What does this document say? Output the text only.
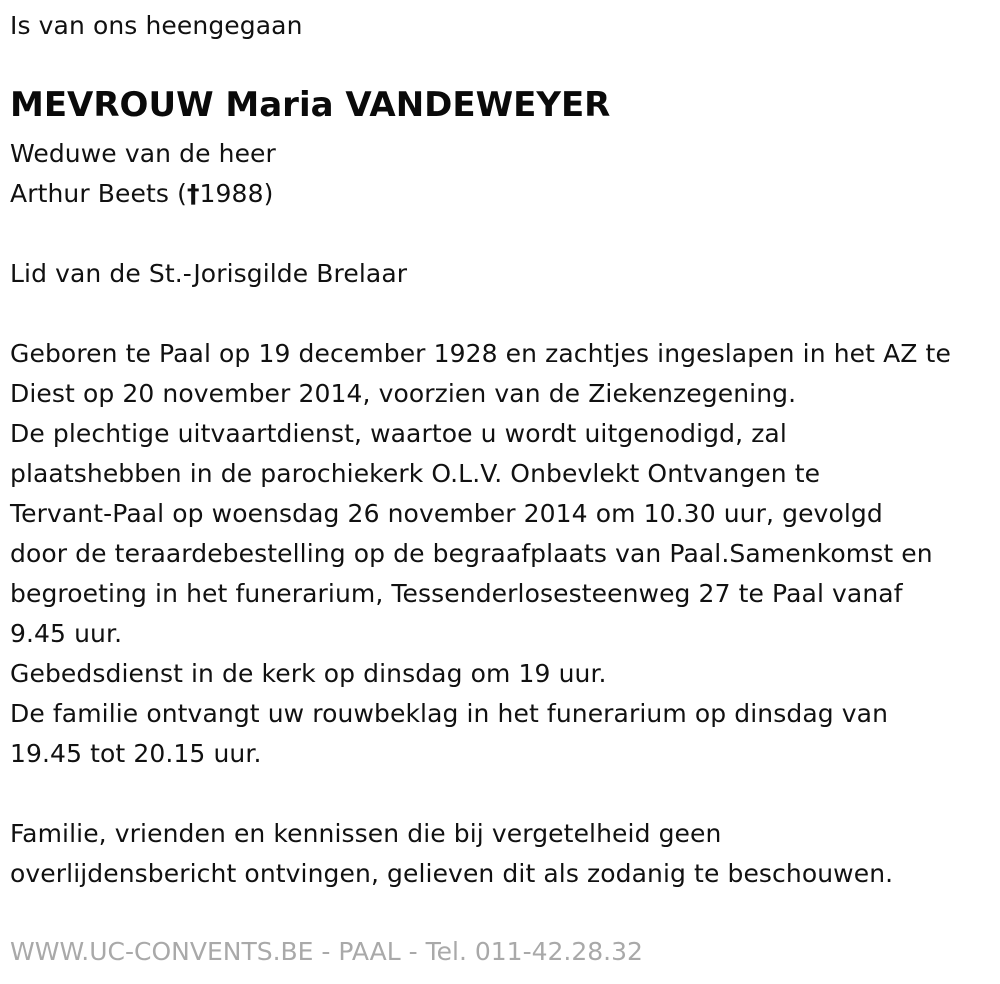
Is van ons heengegaan
MEVROUW Maria VANDEWEYER
Weduwe van de heer
Arthur Beets (†1988)
Lid van de St.-Jorisgilde Brelaar
Geboren te Paal op 19 december 1928 en zachtjes ingeslapen in het AZ te
Diest op 20 november 2014, voorzien van de Ziekenzegening.
De plechtige uitvaartdienst, waartoe u wordt uitgenodigd, zal
plaatshebben in de parochiekerk O.L.V. Onbevlekt Ontvangen te
Tervant-Paal op woensdag 26 november 2014 om 10.30 uur, gevolgd
door de teraardebestelling op de begraafplaats van Paal.Samenkomst en
begroeting in het funerarium, Tessenderlosesteenweg 27 te Paal vanaf
9.45 uur.
Gebedsdienst in de kerk op dinsdag om 19 uur.
De familie ontvangt uw rouwbeklag in het funerarium op dinsdag van
19.45 tot 20.15 uur.
Familie, vrienden en kennissen die bij vergetelheid geen
overlijdensbericht ontvingen, gelieven dit als zodanig te beschouwen.
WWW.UC-CONVENTS.BE - PAAL - Tel. 011-42.28.32
